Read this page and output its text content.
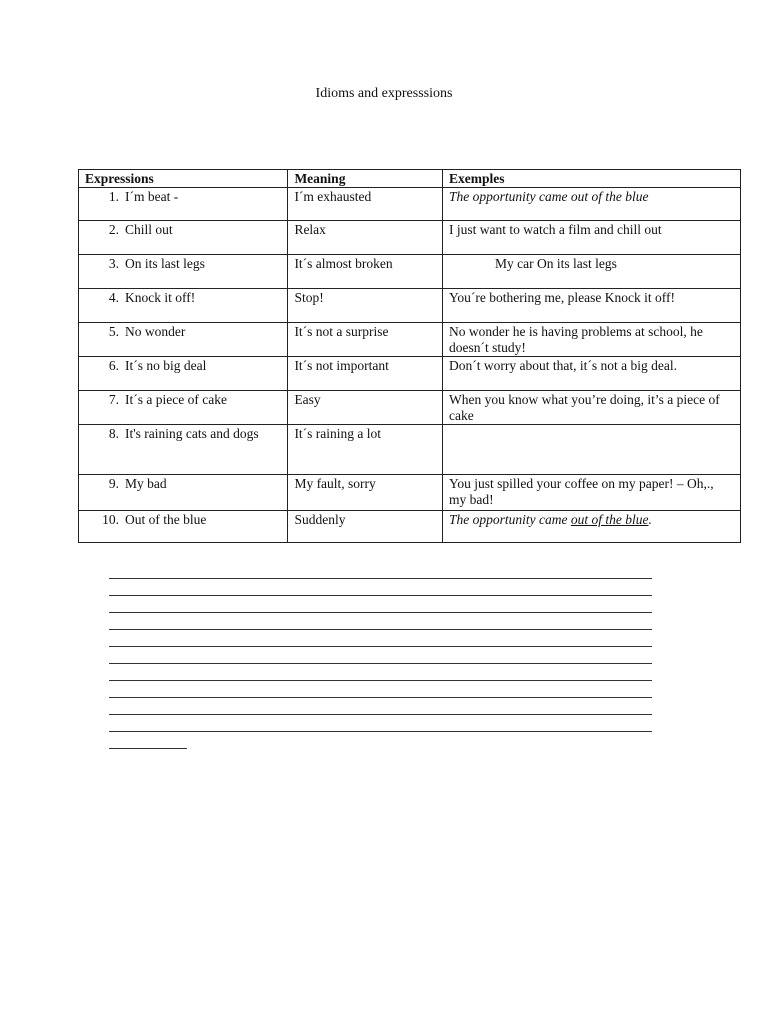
Idioms and expresssions
Expressions	Meaning	Exemples

1. I´m beat -	I´m exhausted	The opportunity came out of the blue

2. Chill out	Relax	I just want to watch a film and chill out

3. On its last legs	It´s almost broken	My car On its last legs

4. Knock it off!	Stop!	You´re bothering me, please Knock it off!

5. No wonder	It´s not a surprise	No wonder he is having problems at school, he doesn´t study!

6. It´s no big deal	It´s not important	Don´t worry about that, it´s not a big deal.

7. It´s a piece of cake	Easy	When you know what you’re doing, it’s a piece of cake

8. It's raining cats and dogs	It´s raining a lot	

9. My bad	My fault, sorry	You just spilled your coffee on my paper! – Oh,., my bad!

10. Out of the blue	Suddenly	The opportunity came out of the blue.
